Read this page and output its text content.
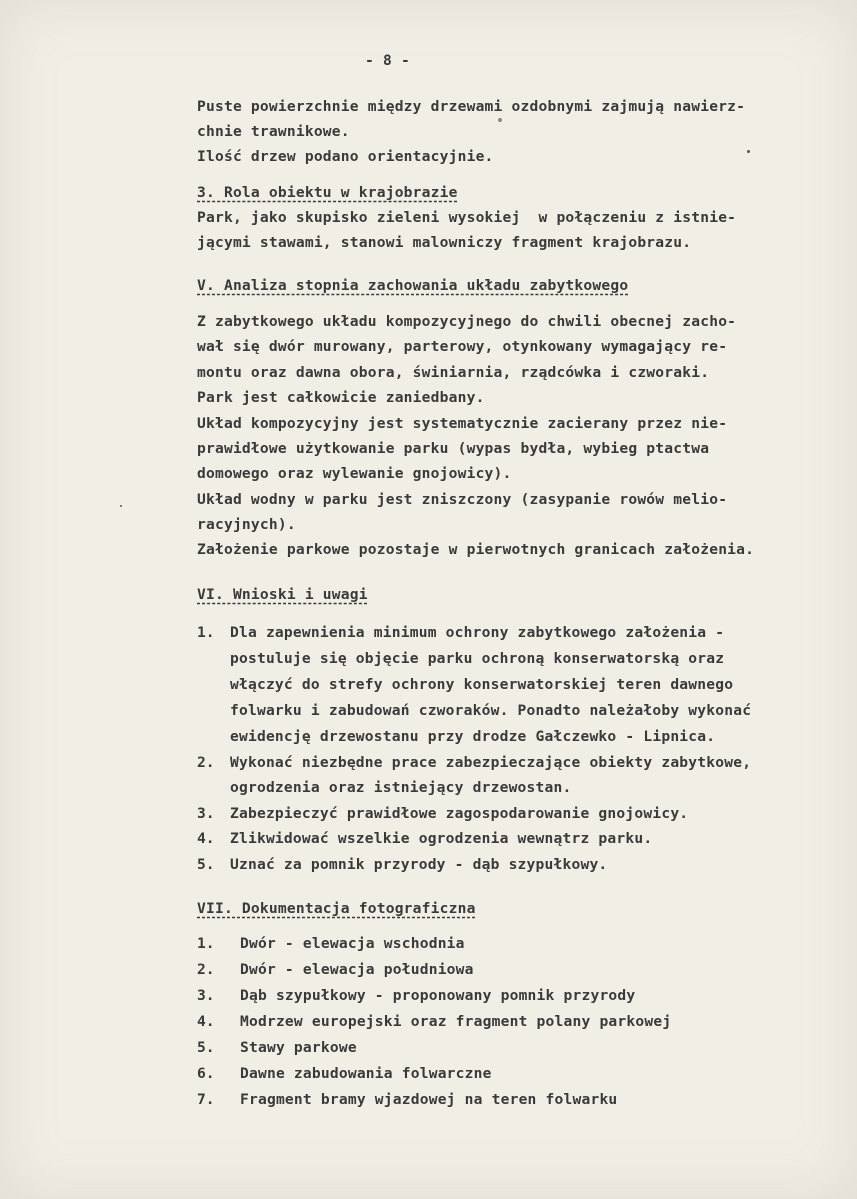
- 8 -
Puste powierzchnie między drzewami ozdobnymi zajmują nawierz-
chnie trawnikowe.
Ilość drzew podano orientacyjnie.
3. Rola obiektu w krajobrazie
Park, jako skupisko zieleni wysokiej  w połączeniu z istnie-
jącymi stawami, stanowi malowniczy fragment krajobrazu.
V. Analiza stopnia zachowania układu zabytkowego
Z zabytkowego układu kompozycyjnego do chwili obecnej zacho-
wał się dwór murowany, parterowy, otynkowany wymagający re-
montu oraz dawna obora, świniarnia, rządcówka i czworaki.
Park jest całkowicie zaniedbany.
Układ kompozycyjny jest systematycznie zacierany przez nie-
prawidłowe użytkowanie parku (wypas bydła, wybieg ptactwa
domowego oraz wylewanie gnojowicy).
Układ wodny w parku jest zniszczony (zasypanie rowów melio-
racyjnych).
Założenie parkowe pozostaje w pierwotnych granicach założenia.
VI. Wnioski i uwagi
1. Dla zapewnienia minimum ochrony zabytkowego założenia -
postuluje się objęcie parku ochroną konserwatorską oraz
włączyć do strefy ochrony konserwatorskiej teren dawnego
folwarku i zabudowań czworaków. Ponadto należałoby wykonać
ewidencję drzewostanu przy drodze Gałczewko - Lipnica.
2. Wykonać niezbędne prace zabezpieczające obiekty zabytkowe,
ogrodzenia oraz istniejący drzewostan.
3. Zabezpieczyć prawidłowe zagospodarowanie gnojowicy.
4. Zlikwidować wszelkie ogrodzenia wewnątrz parku.
5. Uznać za pomnik przyrody - dąb szypułkowy.
VII. Dokumentacja fotograficzna
1. Dwór - elewacja wschodnia
2. Dwór - elewacja południowa
3. Dąb szypułkowy - proponowany pomnik przyrody
4. Modrzew europejski oraz fragment polany parkowej
5. Stawy parkowe
6. Dawne zabudowania folwarczne
7. Fragment bramy wjazdowej na teren folwarku
